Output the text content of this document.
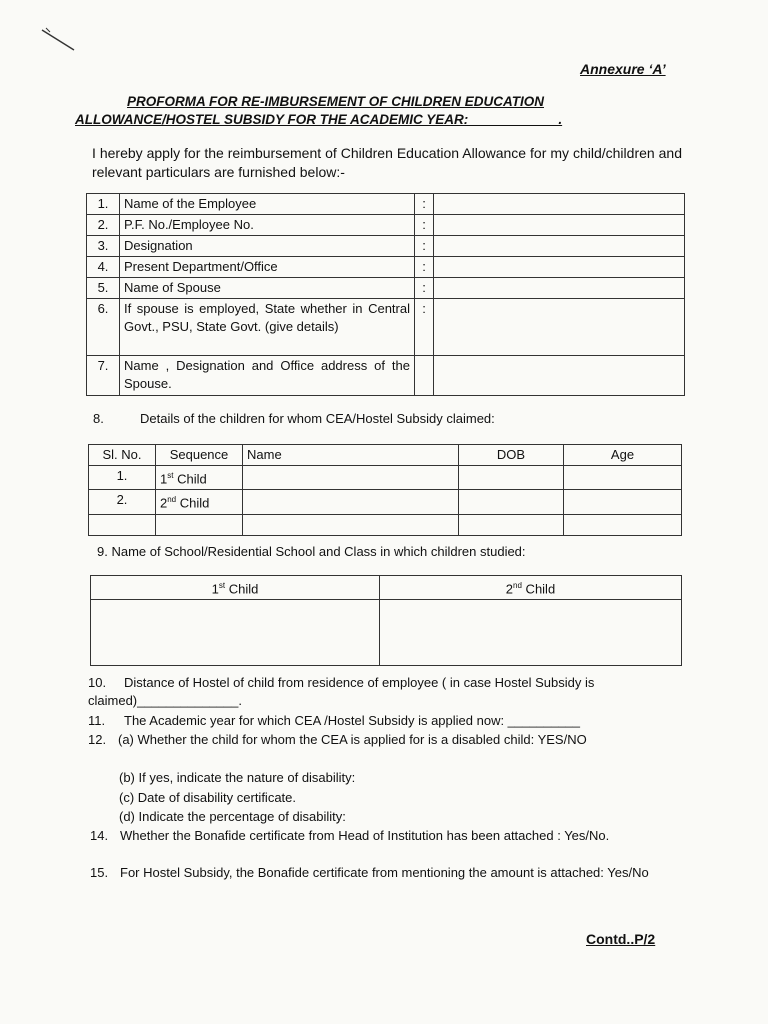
Annexure ‘A’
PROFORMA FOR RE-IMBURSEMENT OF CHILDREN EDUCATION
ALLOWANCE/HOSTEL SUBSIDY FOR THE ACADEMIC YEAR:____________.
I hereby apply for the reimbursement of Children Education Allowance for my child/children and relevant particulars are furnished below:-
1.	Name of the Employee	:	
2.	P.F. No./Employee No.	:	
3.	Designation	:	
4.	Present Department/Office	:	
5.	Name of Spouse	:	
6.	If spouse is employed, State whether in Central Govt., PSU, State Govt. (give details)	:	
7.	Name , Designation and Office address of the Spouse.		
8.	Details of the children for whom CEA/Hostel Subsidy claimed:
Sl. No.	Sequence	Name	DOB	Age
1.	1st Child			
2.	2nd Child			

9. Name of School/Residential School and Class in which children studied:
1st Child	2nd Child

10. Distance of Hostel of child from residence of employee ( in case Hostel Subsidy is claimed)______________.
11. The Academic year for which CEA /Hostel Subsidy is applied now: __________
12. (a) Whether the child for whom the CEA is applied for is a disabled child: YES/NO
(b) If yes, indicate the nature of disability:
(c) Date of disability certificate.
(d) Indicate the percentage of disability:
14. Whether the Bonafide certificate from Head of Institution has been attached : Yes/No.
15. For Hostel Subsidy, the Bonafide certificate from mentioning the amount is attached: Yes/No
Contd..P/2
